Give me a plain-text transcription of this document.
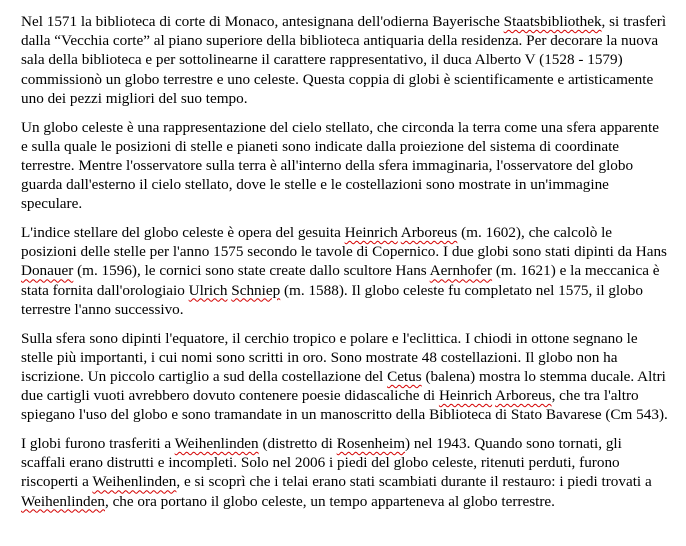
Nel 1571 la biblioteca di corte di Monaco, antesignana dell'odierna Bayerische Staatsbibliothek, si trasferì dalla “Vecchia corte” al piano superiore della biblioteca antiquaria della residenza. Per decorare la nuova sala della biblioteca e per sottolinearne il carattere rappresentativo, il duca Alberto V (1528 - 1579) commissionò un globo terrestre e uno celeste. Questa coppia di globi è scientificamente e artisticamente uno dei pezzi migliori del suo tempo.

Un globo celeste è una rappresentazione del cielo stellato, che circonda la terra come una sfera apparente e sulla quale le posizioni di stelle e pianeti sono indicate dalla proiezione del sistema di coordinate terrestre. Mentre l'osservatore sulla terra è all'interno della sfera immaginaria, l'osservatore del globo guarda dall'esterno il cielo stellato, dove le stelle e le costellazioni sono mostrate in un'immagine speculare.

L'indice stellare del globo celeste è opera del gesuita Heinrich Arboreus (m. 1602), che calcolò le posizioni delle stelle per l'anno 1575 secondo le tavole di Copernico. I due globi sono stati dipinti da Hans Donauer (m. 1596), le cornici sono state create dallo scultore Hans Aernhofer (m. 1621) e la meccanica è stata fornita dall'orologiaio Ulrich Schniep (m. 1588). Il globo celeste fu completato nel 1575, il globo terrestre l'anno successivo.

Sulla sfera sono dipinti l'equatore, il cerchio tropico e polare e l'eclittica. I chiodi in ottone segnano le stelle più importanti, i cui nomi sono scritti in oro. Sono mostrate 48 costellazioni. Il globo non ha iscrizione. Un piccolo cartiglio a sud della costellazione del Cetus (balena) mostra lo stemma ducale. Altri due cartigli vuoti avrebbero dovuto contenere poesie didascaliche di Heinrich Arboreus, che tra l'altro spiegano l'uso del globo e sono tramandate in un manoscritto della Biblioteca di Stato Bavarese (Cm 543).

I globi furono trasferiti a Weihenlinden (distretto di Rosenheim) nel 1943. Quando sono tornati, gli scaffali erano distrutti e incompleti. Solo nel 2006 i piedi del globo celeste, ritenuti perduti, furono riscoperti a Weihenlinden, e si scoprì che i telai erano stati scambiati durante il restauro: i piedi trovati a Weihenlinden, che ora portano il globo celeste, un tempo apparteneva al globo terrestre.
